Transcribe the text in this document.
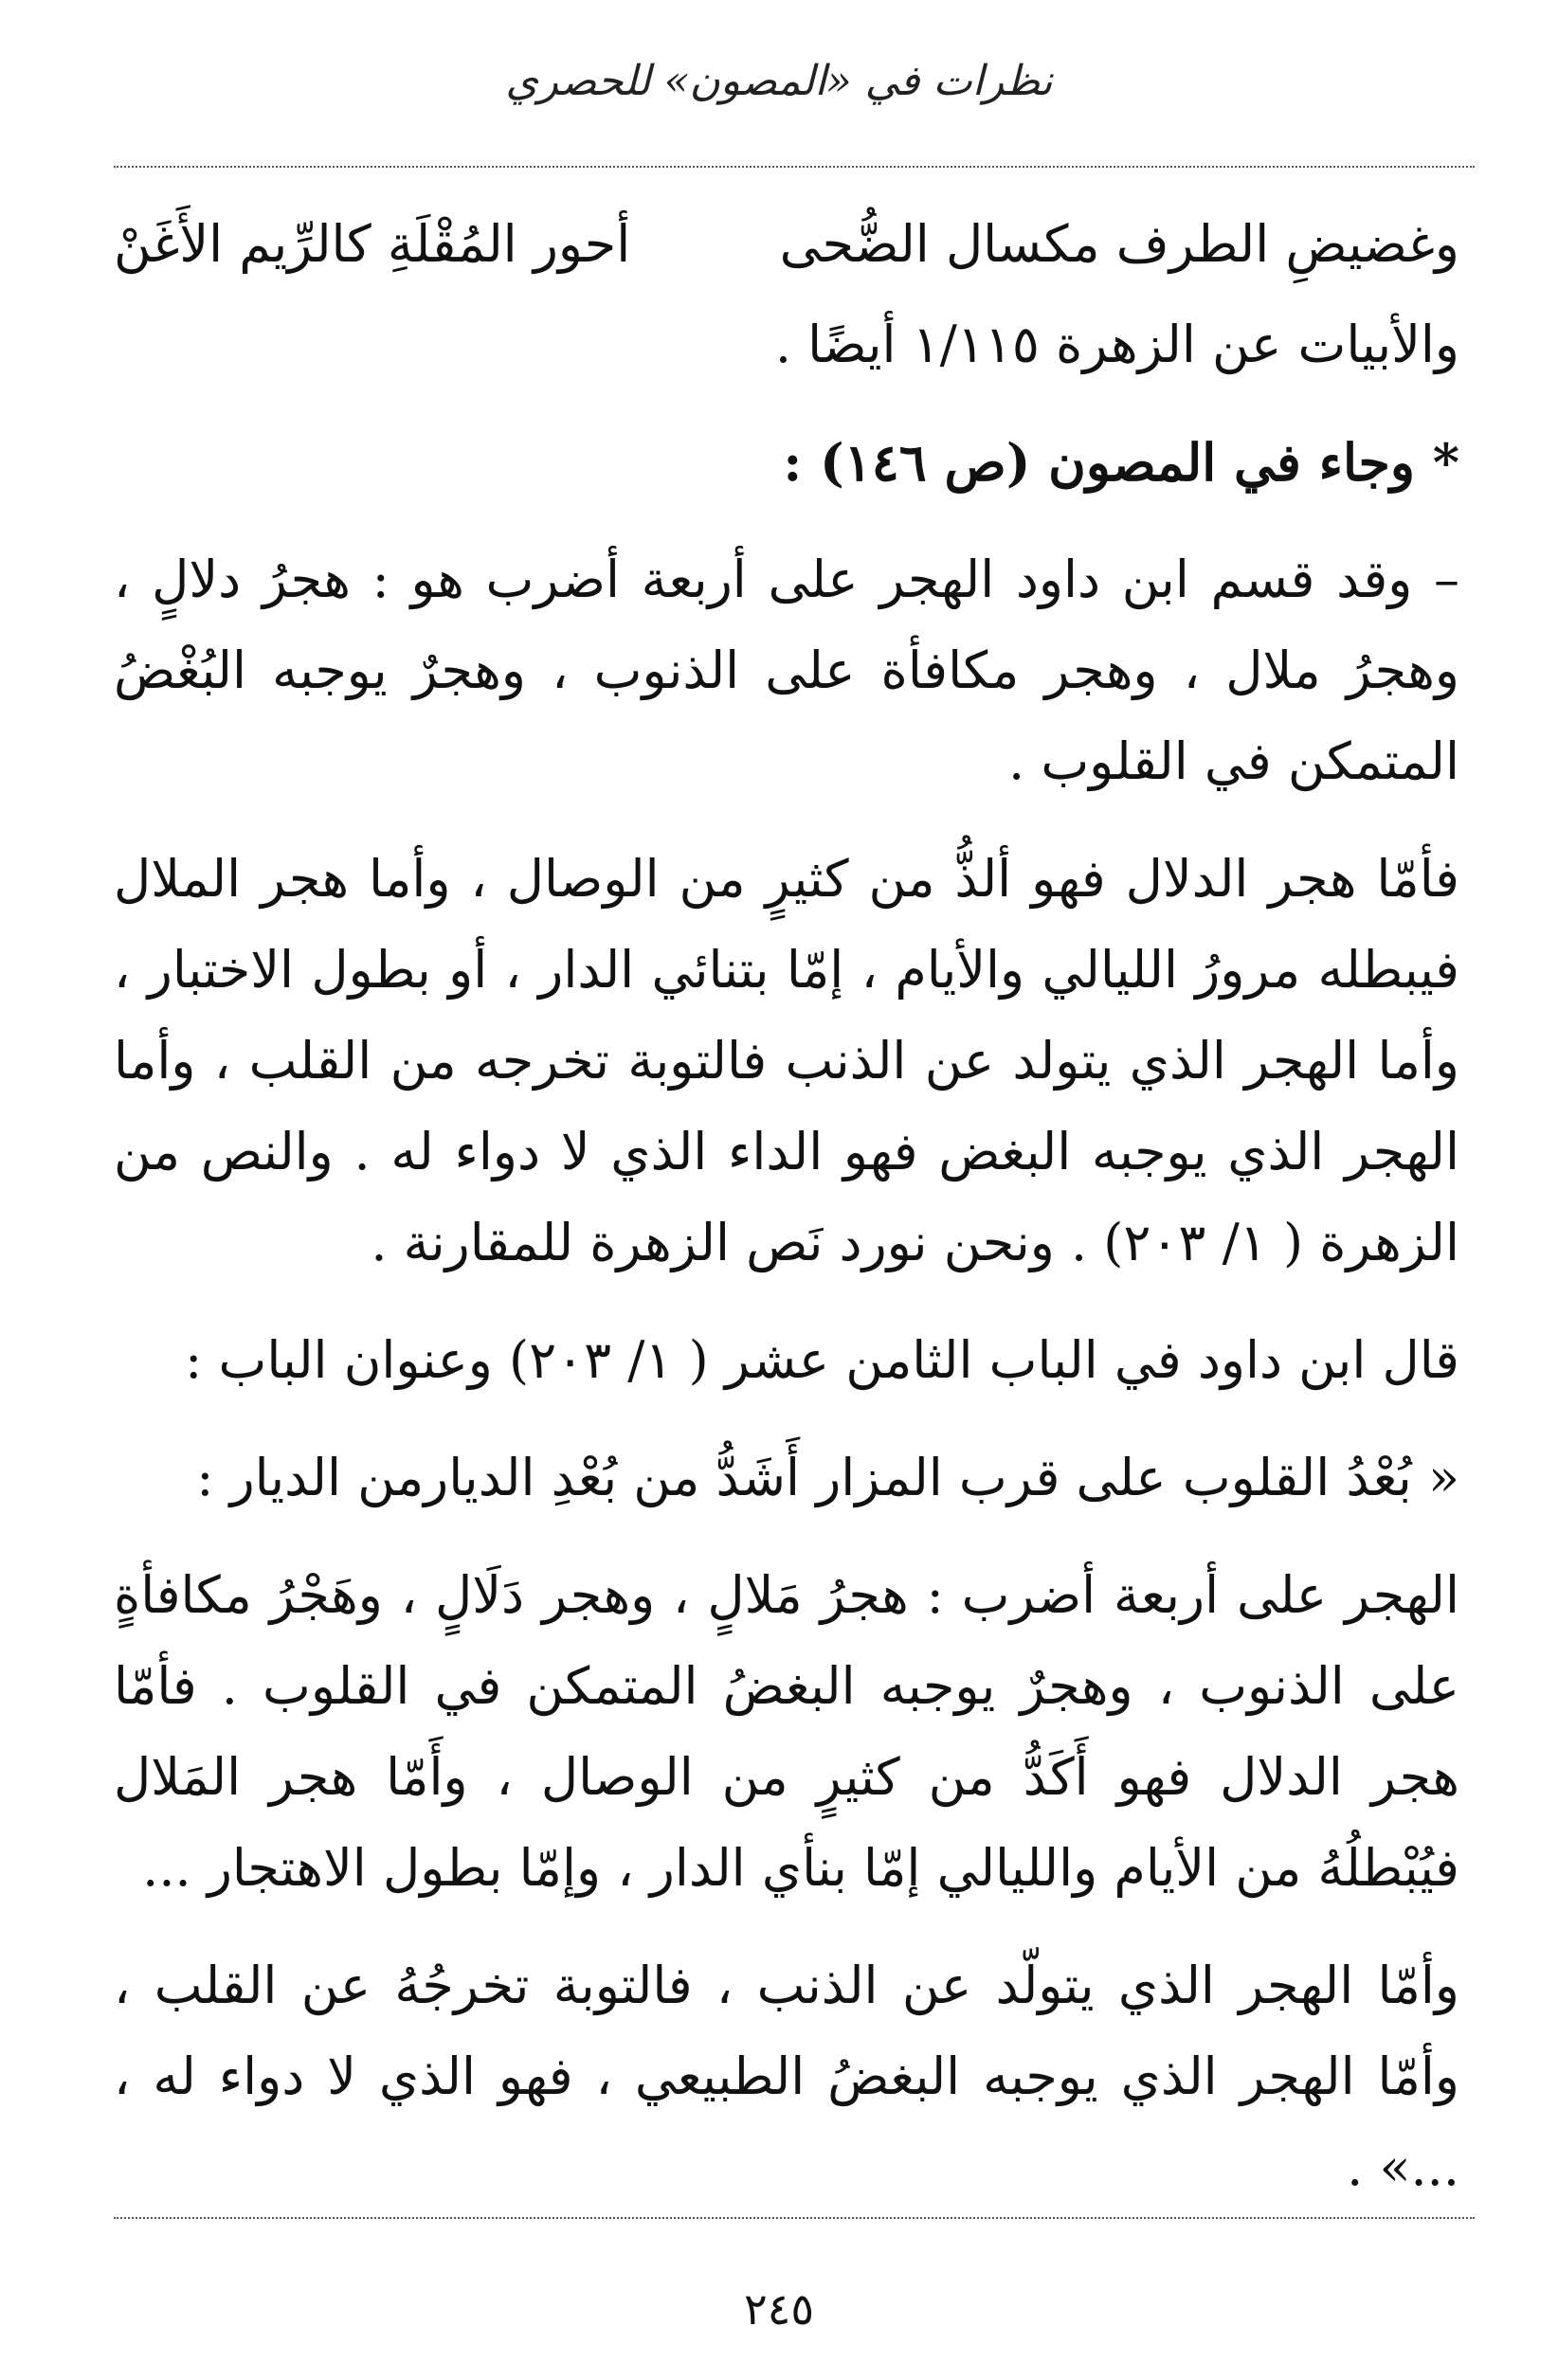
نظرات في «المصون» للحصري
وغضيضِ الطرف مكسال الضُّحى
أحور المُقْلَةِ كالرِّيم الأَغَنْ

والأبيات عن الزهرة ١/١١٥ أيضًا .

* وجاء في المصون (ص ١٤٦) :

– وقد قسم ابن داود الهجر على أربعة أضرب هو : هجرُ دلالٍ ، وهجرُ ملال ، وهجر مكافأة على الذنوب ، وهجرٌ يوجبه البُغْضُ المتمكن في القلوب .

فأمّا هجر الدلال فهو ألذُّ من كثيرٍ من الوصال ، وأما هجر الملال فيبطله مرورُ الليالي والأيام ، إمّا بتنائي الدار ، أو بطول الاختبار ، وأما الهجر الذي يتولد عن الذنب فالتوبة تخرجه من القلب ، وأما الهجر الذي يوجبه البغض فهو الداء الذي لا دواء له . والنص من الزهرة ( ١/ ٢٠٣) . ونحن نورد نَص الزهرة للمقارنة .

قال ابن داود في الباب الثامن عشر ( ١/ ٢٠٣) وعنوان الباب :

« بُعْدُ القلوب على قرب المزار أَشَدُّ من بُعْدِ الديارمن الديار :

الهجر على أربعة أضرب : هجرُ مَلالٍ ، وهجر دَلَالٍ ، وهَجْرُ مكافأةٍ على الذنوب ، وهجرٌ يوجبه البغضُ المتمكن في القلوب . فأمّا هجر الدلال فهو أَكَدُّ من كثيرٍ من الوصال ، وأَمّا هجر المَلال فيُبْطلُهُ من الأيام والليالي إمّا بنأي الدار ، وإمّا بطول الاهتجار ...

وأمّا الهجر الذي يتولّد عن الذنب ، فالتوبة تخرجُهُ عن القلب ، وأمّا الهجر الذي يوجبه البغضُ الطبيعي ، فهو الذي لا دواء له ، ...» .

٢٤٥
